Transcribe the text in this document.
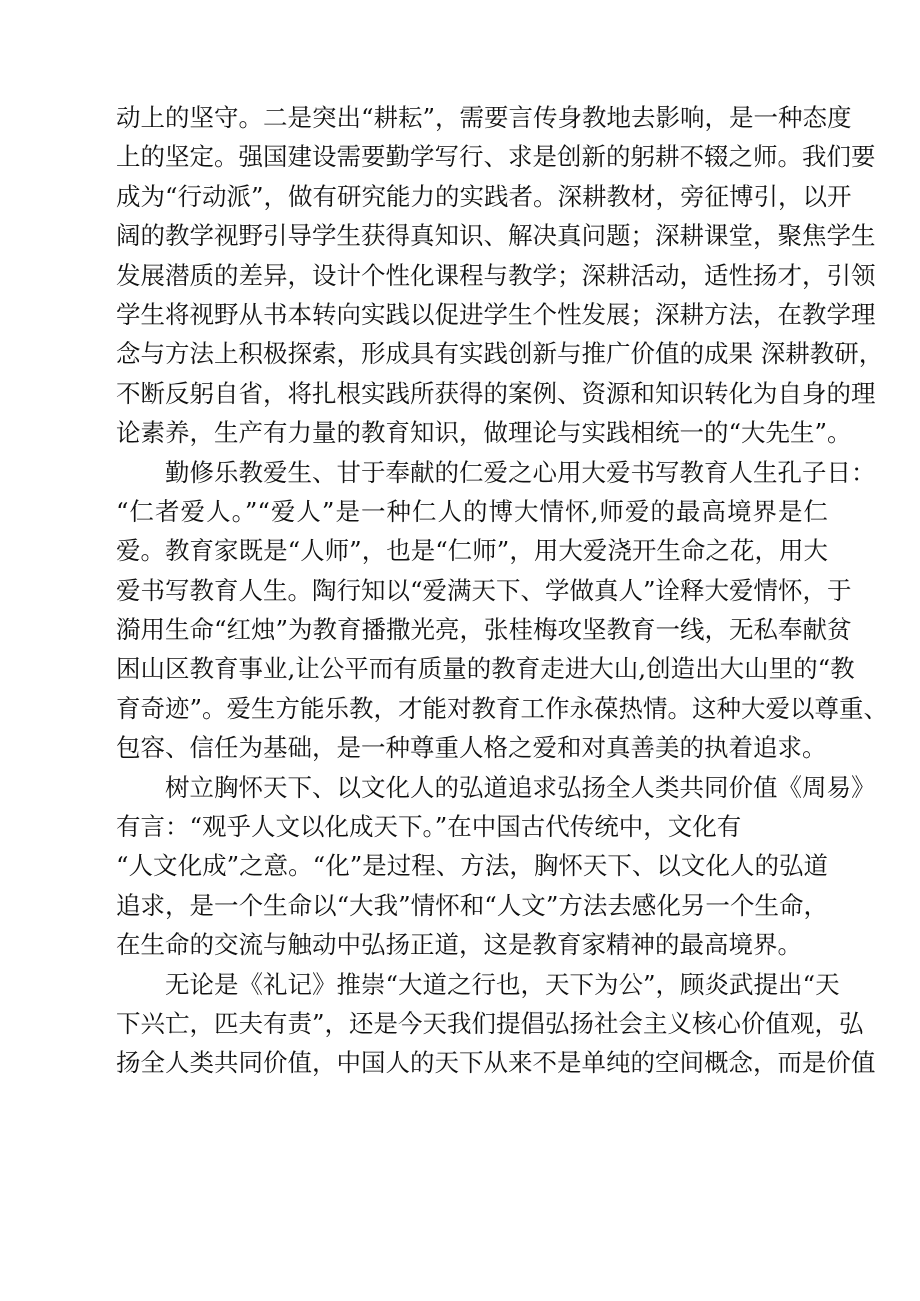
动上的坚守。二是突出“耕耘”，需要言传身教地去影响，是一种态度
上的坚定。强国建设需要勤学写行、求是创新的躬耕不辍之师。我们要
成为“行动派”，做有研究能力的实践者。深耕教材，旁征博引，以开
阔的教学视野引导学生获得真知识、解决真问题；深耕课堂，聚焦学生
发展潜质的差异，设计个性化课程与教学；深耕活动，适性扬才，引领
学生将视野从书本转向实践以促进学生个性发展；深耕方法，在教学理
念与方法上积极探索，形成具有实践创新与推广价值的成果 深耕教研，
不断反躬自省，将扎根实践所获得的案例、资源和知识转化为自身的理
论素养，生产有力量的教育知识，做理论与实践相统一的“大先生”。
勤修乐教爱生、甘于奉献的仁爱之心用大爱书写教育人生孔子日：
“仁者爱人。”“爱人”是一种仁人的博大情怀,师爱的最高境界是仁
爱。教育家既是“人师”，也是“仁师”，用大爱浇开生命之花，用大
爱书写教育人生。陶行知以“爱满天下、学做真人”诠释大爱情怀，于
漪用生命“红烛”为教育播撒光亮，张桂梅攻坚教育一线，无私奉献贫
困山区教育事业,让公平而有质量的教育走进大山,创造出大山里的“教
育奇迹”。爱生方能乐教，才能对教育工作永葆热情。这种大爱以尊重、
包容、信任为基础，是一种尊重人格之爱和对真善美的执着追求。
树立胸怀天下、以文化人的弘道追求弘扬全人类共同价值《周易》
有言：“观乎人文以化成天下。”在中国古代传统中，文化有
“人文化成”之意。“化”是过程、方法，胸怀天下、以文化人的弘道
追求，是一个生命以“大我”情怀和“人文”方法去感化另一个生命，
在生命的交流与触动中弘扬正道，这是教育家精神的最高境界。
无论是《礼记》推崇“大道之行也，天下为公”，顾炎武提出“天
下兴亡，匹夫有责”，还是今天我们提倡弘扬社会主义核心价值观，弘
扬全人类共同价值，中国人的天下从来不是单纯的空间概念，而是价值
